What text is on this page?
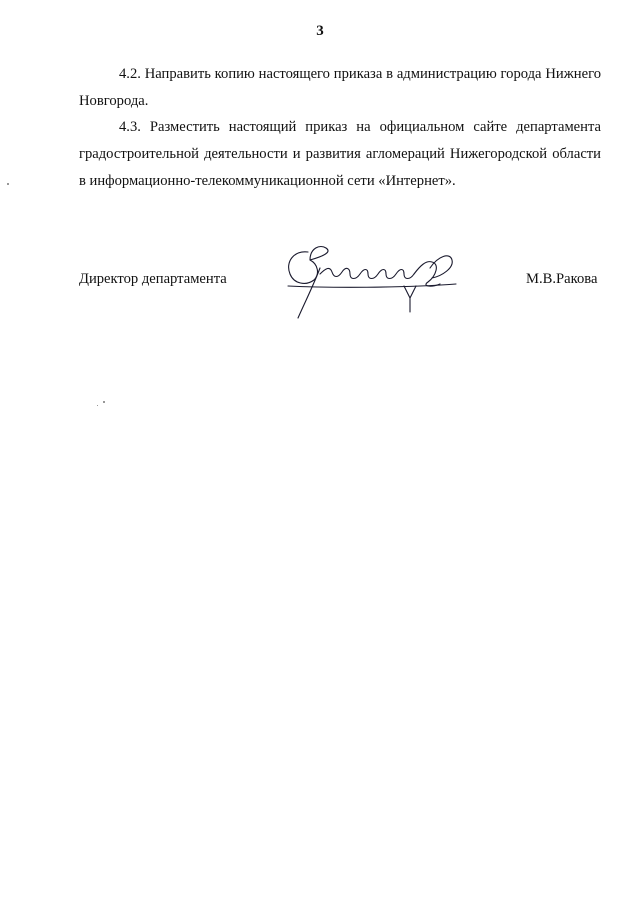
3

4.2. Направить копию настоящего приказа в администрацию города Нижнего Новгорода.

4.3. Разместить настоящий приказ на официальном сайте департамента градостроительной деятельности и развития агломераций Нижегородской области в информационно-телекоммуникационной сети «Интернет».

Директор департамента	М.В.Ракова
